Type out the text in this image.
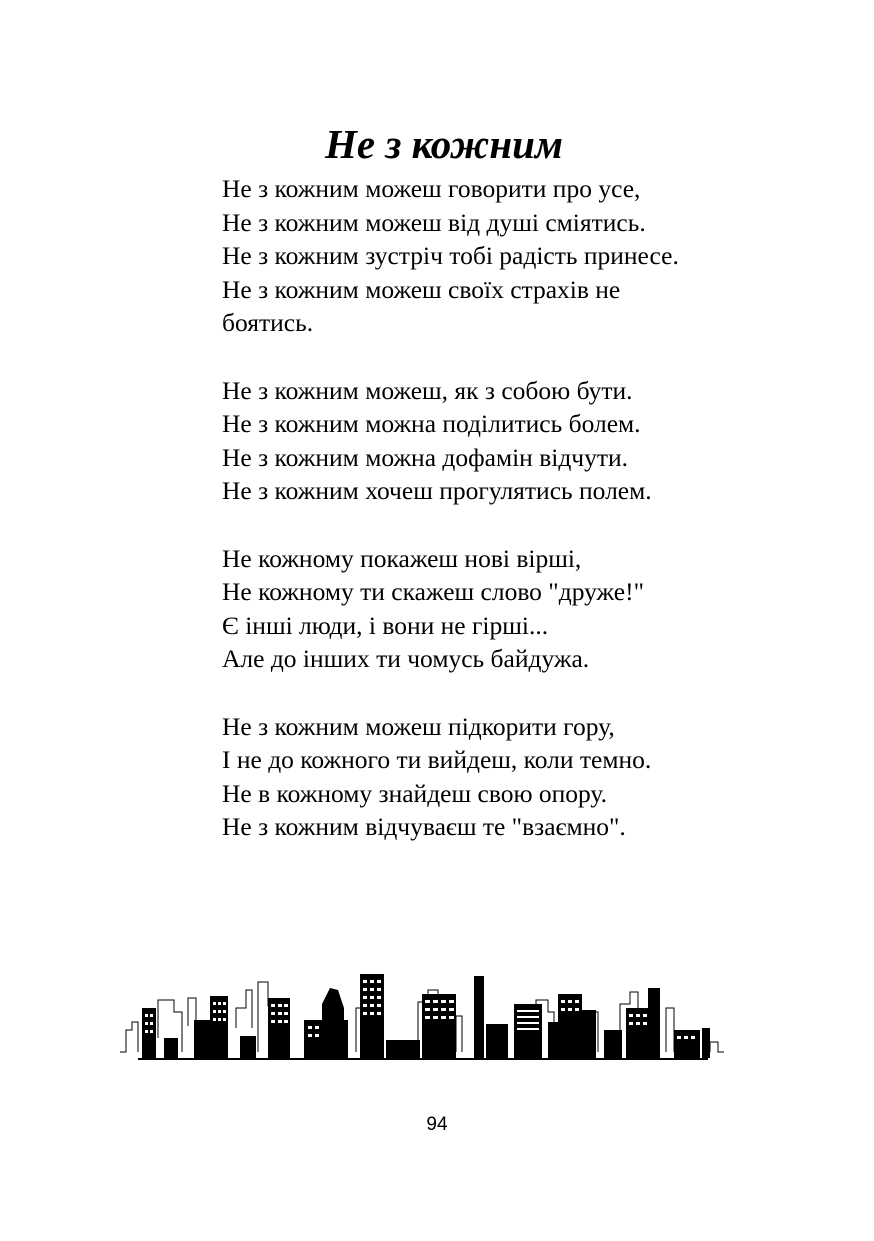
Не з кожним
Не з кожним можеш говорити про усе,
Не з кожним можеш від душі сміятись.
Не з кожним зустріч тобі радість принесе.
Не з кожним можеш своїх страхів не
боятись.
Не з кожним можеш, як з собою бути.
Не з кожним можна поділитись болем.
Не з кожним можна дофамін відчути.
Не з кожним хочеш прогулятись полем.
Не кожному покажеш нові вірші,
Не кожному ти скажеш слово "друже!"
Є інші люди, і вони не гірші...
Але до інших ти чомусь байдужа.
Не з кожним можеш підкорити гору,
І не до кожного ти вийдеш, коли темно.
Не в кожному знайдеш свою опору.
Не з кожним відчуваєш те "взаємно".
94
